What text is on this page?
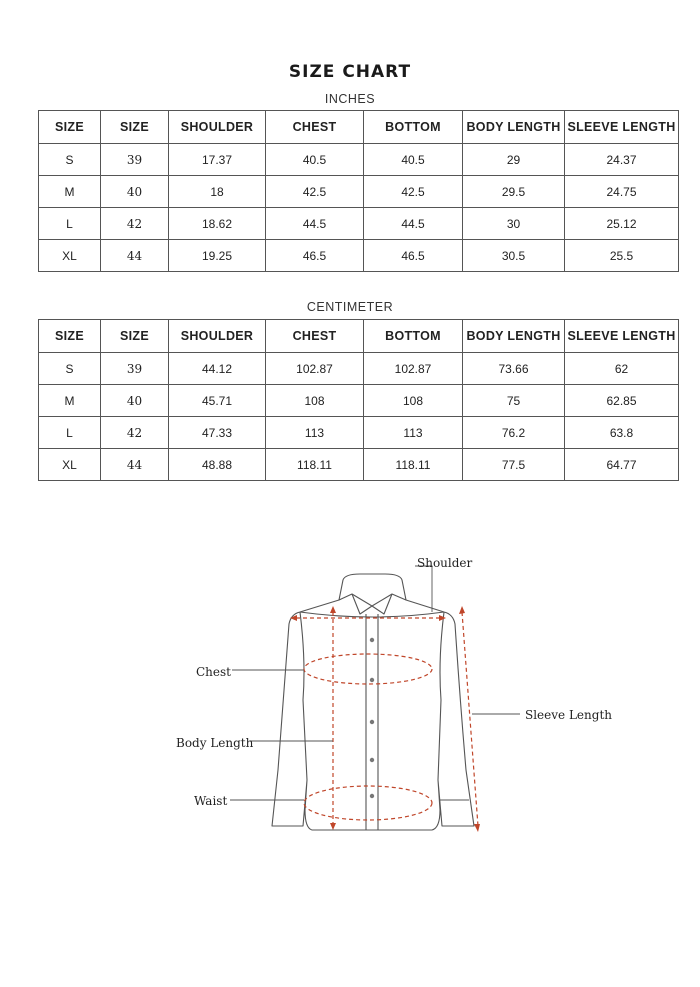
SIZE CHART
INCHES
SIZE	SIZE	SHOULDER	CHEST	BOTTOM	BODY LENGTH	SLEEVE LENGTH
S	39	17.37	40.5	40.5	29	24.37
M	40	18	42.5	42.5	29.5	24.75
L	42	18.62	44.5	44.5	30	25.12
XL	44	19.25	46.5	46.5	30.5	25.5
CENTIMETER
SIZE	SIZE	SHOULDER	CHEST	BOTTOM	BODY LENGTH	SLEEVE LENGTH
S	39	44.12	102.87	102.87	73.66	62
M	40	45.71	108	108	75	62.85
L	42	47.33	113	113	76.2	63.8
XL	44	48.88	118.11	118.11	77.5	64.77
Shoulder
Chest
Sleeve Length
Body Length
Waist
